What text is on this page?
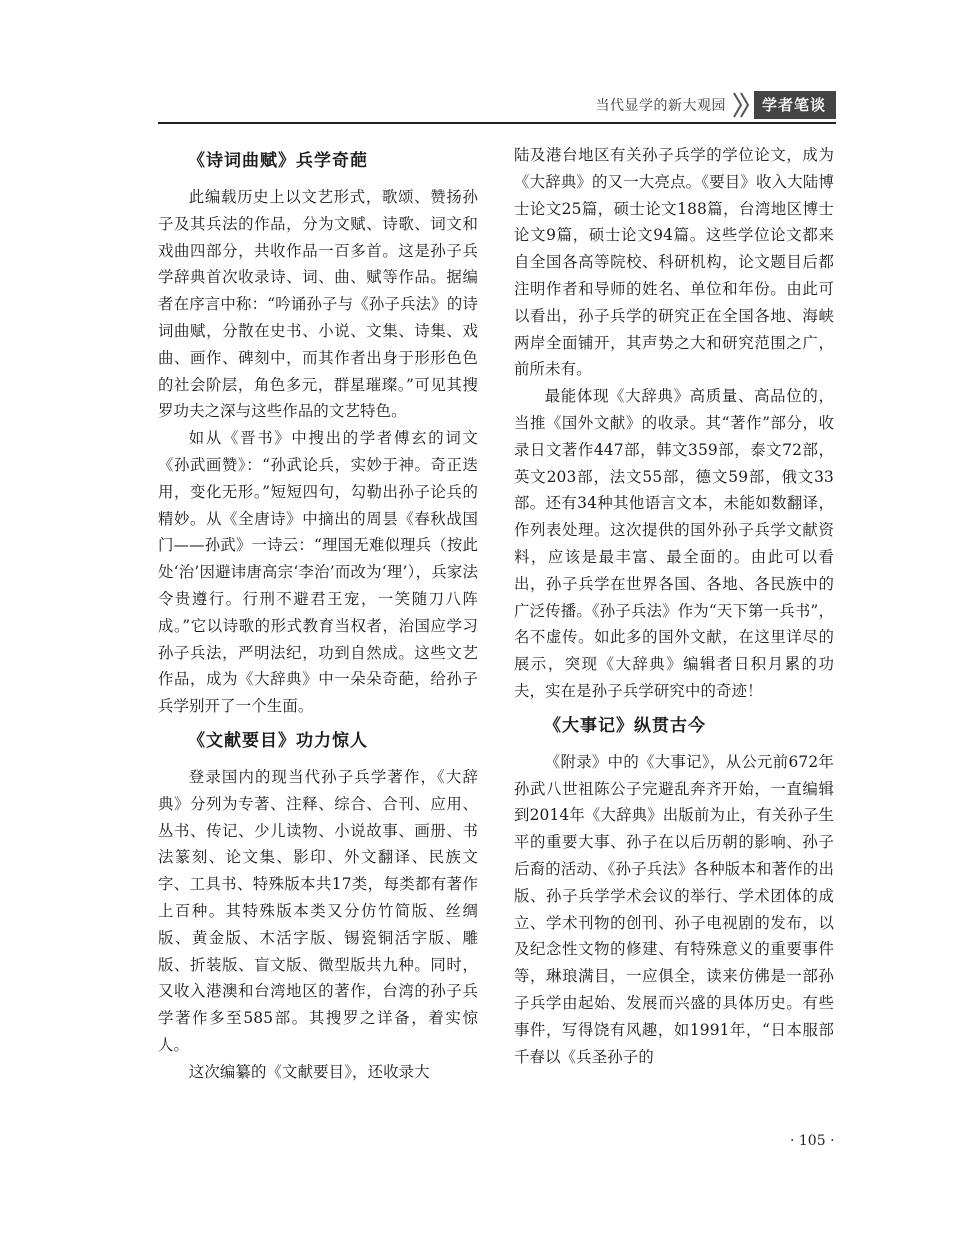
当代显学的新大观园	学者笔谈
《诗词曲赋》兵学奇葩

此编载历史上以文艺形式，歌颂、赞扬孙子及其兵法的作品，分为文赋、诗歌、词文和戏曲四部分，共收作品一百多首。这是孙子兵学辞典首次收录诗、词、曲、赋等作品。据编者在序言中称：“吟诵孙子与《孙子兵法》的诗词曲赋，分散在史书、小说、文集、诗集、戏曲、画作、碑刻中，而其作者出身于形形色色的社会阶层，角色多元，群星璀璨。”可见其搜罗功夫之深与这些作品的文艺特色。

如从《晋书》中搜出的学者傅玄的词文《孙武画赞》：“孙武论兵，实妙于神。奇正迭用，变化无形。”短短四句，勾勒出孙子论兵的精妙。从《全唐诗》中摘出的周昙《春秋战国门——孙武》一诗云：“理国无难似理兵（按此处‘治’因避讳唐高宗‘李治’而改为‘理’），兵家法令贵遵行。行刑不避君王宠，一笑随刀八阵成。”它以诗歌的形式教育当权者，治国应学习孙子兵法，严明法纪，功到自然成。这些文艺作品，成为《大辞典》中一朵朵奇葩，给孙子兵学别开了一个生面。

《文献要目》功力惊人

登录国内的现当代孙子兵学著作，《大辞典》分列为专著、注释、综合、合刊、应用、丛书、传记、少儿读物、小说故事、画册、书法篆刻、论文集、影印、外文翻译、民族文字、工具书、特殊版本共17类，每类都有著作上百种。其特殊版本类又分仿竹简版、丝绸版、黄金版、木活字版、锡瓷铜活字版、雕版、折装版、盲文版、微型版共九种。同时，又收入港澳和台湾地区的著作，台湾的孙子兵学著作多至585部。其搜罗之详备，着实惊人。

这次编纂的《文献要目》，还收录大

陆及港台地区有关孙子兵学的学位论文，成为《大辞典》的又一大亮点。《要目》收入大陆博士论文25篇，硕士论文188篇，台湾地区博士论文9篇，硕士论文94篇。这些学位论文都来自全国各高等院校、科研机构，论文题目后都注明作者和导师的姓名、单位和年份。由此可以看出，孙子兵学的研究正在全国各地、海峡两岸全面铺开，其声势之大和研究范围之广，前所未有。

最能体现《大辞典》高质量、高品位的，当推《国外文献》的收录。其“著作”部分，收录日文著作447部，韩文359部，泰文72部，英文203部，法文55部，德文59部，俄文33部。还有34种其他语言文本，未能如数翻译，作列表处理。这次提供的国外孙子兵学文献资料，应该是最丰富、最全面的。由此可以看出，孙子兵学在世界各国、各地、各民族中的广泛传播。《孙子兵法》作为“天下第一兵书”，名不虚传。如此多的国外文献，在这里详尽的展示，突现《大辞典》编辑者日积月累的功夫，实在是孙子兵学研究中的奇迹！

《大事记》纵贯古今

《附录》中的《大事记》，从公元前672年孙武八世祖陈公子完避乱奔齐开始，一直编辑到2014年《大辞典》出版前为止，有关孙子生平的重要大事、孙子在以后历朝的影响、孙子后裔的活动、《孙子兵法》各种版本和著作的出版、孙子兵学学术会议的举行、学术团体的成立、学术刊物的创刊、孙子电视剧的发布，以及纪念性文物的修建、有特殊意义的重要事件等，琳琅满目，一应俱全，读来仿佛是一部孙子兵学由起始、发展而兴盛的具体历史。有些事件，写得饶有风趣，如1991年，“日本服部千春以《兵圣孙子的

· 105 ·
